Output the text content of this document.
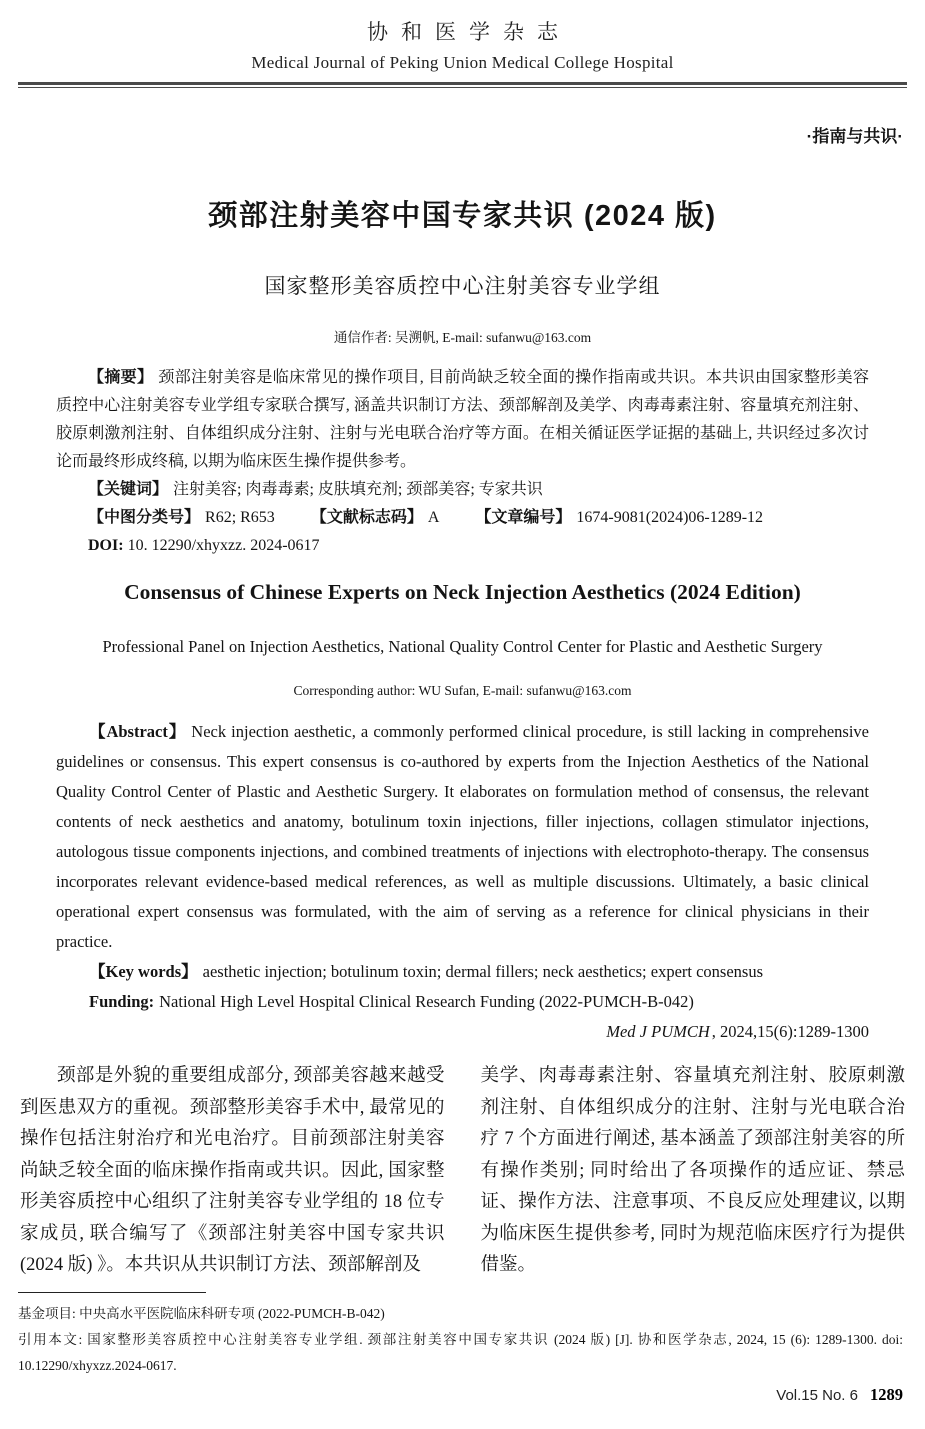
协和医学杂志
Medical Journal of Peking Union Medical College Hospital
·指南与共识·
颈部注射美容中国专家共识 (2024 版)
国家整形美容质控中心注射美容专业学组
通信作者: 吴溯帆, E-mail: sufanwu@163.com

【摘要】 颈部注射美容是临床常见的操作项目, 目前尚缺乏较全面的操作指南或共识。本共识由国家整形美容质控中心注射美容专业学组专家联合撰写, 涵盖共识制订方法、颈部解剖及美学、肉毒毒素注射、容量填充剂注射、胶原刺激剂注射、自体组织成分注射、注射与光电联合治疗等方面。在相关循证医学证据的基础上, 共识经过多次讨论而最终形成终稿, 以期为临床医生操作提供参考。

【关键词】 注射美容; 肉毒毒素; 皮肤填充剂; 颈部美容; 专家共识

【中图分类号】 R62; R653 【文献标志码】 A 【文章编号】 1674-9081(2024)06-1289-12

DOI: 10. 12290/xhyxzz. 2024-0617

Consensus of Chinese Experts on Neck Injection Aesthetics (2024 Edition)
Professional Panel on Injection Aesthetics, National Quality Control Center for Plastic and Aesthetic Surgery
Corresponding author: WU Sufan, E-mail: sufanwu@163.com

【Abstract】 Neck injection aesthetic, a commonly performed clinical procedure, is still lacking in comprehensive guidelines or consensus. This expert consensus is co-authored by experts from the Injection Aesthetics of the National Quality Control Center of Plastic and Aesthetic Surgery. It elaborates on formulation method of consensus, the relevant contents of neck aesthetics and anatomy, botulinum toxin injections, filler injections, collagen stimulator injections, autologous tissue components injections, and combined treatments of injections with electrophoto-therapy. The consensus incorporates relevant evidence-based medical references, as well as multiple discussions. Ultimately, a basic clinical operational expert consensus was formulated, with the aim of serving as a reference for clinical physicians in their practice.

【Key words】 aesthetic injection; botulinum toxin; dermal fillers; neck aesthetics; expert consensus

Funding: National High Level Hospital Clinical Research Funding (2022-PUMCH-B-042)

Med J PUMCH , 2024,15(6):1289-1300

颈部是外貌的重要组成部分, 颈部美容越来越受到医患双方的重视。颈部整形美容手术中, 最常见的操作包括注射治疗和光电治疗。目前颈部注射美容尚缺乏较全面的临床操作指南或共识。因此, 国家整形美容质控中心组织了注射美容专业学组的 18 位专家成员, 联合编写了《颈部注射美容中国专家共识 (2024 版) 》。本共识从共识制订方法、颈部解剖及

美学、肉毒毒素注射、容量填充剂注射、胶原刺激剂注射、自体组织成分的注射、注射与光电联合治疗 7 个方面进行阐述, 基本涵盖了颈部注射美容的所有操作类别; 同时给出了各项操作的适应证、禁忌证、操作方法、注意事项、不良反应处理建议, 以期为临床医生提供参考, 同时为规范临床医疗行为提供借鉴。

基金项目: 中央高水平医院临床科研专项 (2022-PUMCH-B-042)

引用本文: 国家整形美容质控中心注射美容专业学组. 颈部注射美容中国专家共识 (2024 版) [J]. 协和医学杂志, 2024, 15 (6): 1289-1300. doi: 10.12290/xhyxzz.2024-0617.

Vol.15 No. 6 1289
